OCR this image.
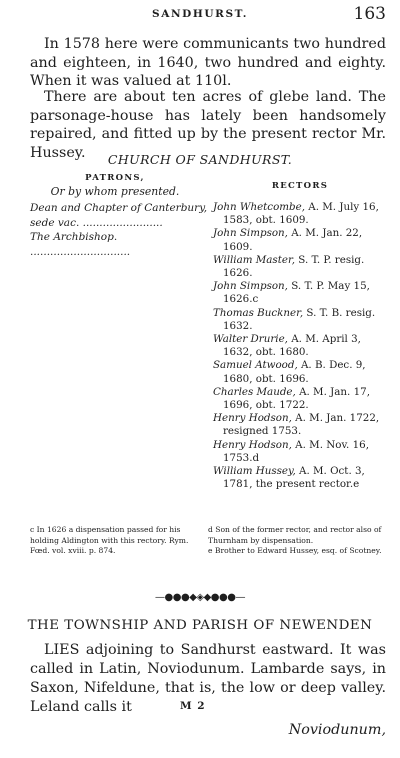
SANDHURST.	163

In 1578 here were communicants two hundred and eighteen, in 1640, two hundred and eighty. When it was valued at 110l.

There are about ten acres of glebe land. The parsonage-house has lately been handsomely repaired, and fitted up by the present rector Mr. Hussey.	CHURCH OF SANDHURST.
PATRONS,
Or by whom presented.	RECTORS
Dean and Chapter of Canterbury, sede vac. ........................
The Archbishop. ..............................
John Whetcombe, A. M. July 16, 1583, obt. 1609.
John Simpson, A. M. Jan. 22, 1609.
William Master, S. T. P. resig. 1626.
John Simpson, S. T. P. May 15, 1626.c
Thomas Buckner, S. T. B. resig. 1632.
Walter Drurie, A. M. April 3, 1632, obt. 1680.
Samuel Atwood, A. B. Dec. 9, 1680, obt. 1696.
Charles Maude, A. M. Jan. 17, 1696, obt. 1722.
Henry Hodson, A. M. Jan. 1722, resigned 1753.
Henry Hodson, A. M. Nov. 16, 1753.d
William Hussey, A. M. Oct. 3, 1781, the present rector.e

c In 1626 a dispensation passed for his holding Aldington with this rectory. Rym. Fœd. vol. xviii. p. 874.

d Son of the former rector, and rector also of Thurnham by dispensation.

e Brother to Edward Hussey, esq. of Scotney.

—●●●◆◈◆●●●—
THE TOWNSHIP AND PARISH OF NEWENDEN

LIES adjoining to Sandhurst eastward. It was called in Latin, Noviodunum. Lambarde says, in Saxon, Nifeldune, that is, the low or deep valley. Leland calls it	M 2
Noviodunum,
